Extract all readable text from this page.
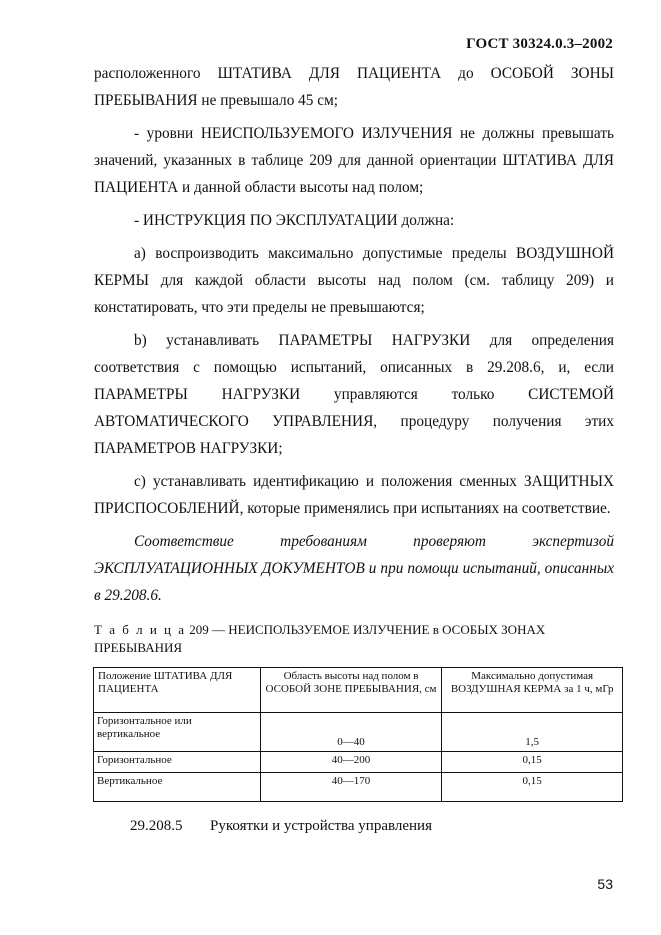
ГОСТ 30324.0.3–2002

расположенного ШТАТИВА ДЛЯ ПАЦИЕНТА до ОСОБОЙ ЗОНЫ ПРЕБЫВАНИЯ не превышало 45 см;

- уровни НЕИСПОЛЬЗУЕМОГО ИЗЛУЧЕНИЯ не должны превышать значений, указанных в таблице 209 для данной ориентации ШТАТИВА ДЛЯ ПАЦИЕНТА и данной области высоты над полом;

- ИНСТРУКЦИЯ ПО ЭКСПЛУАТАЦИИ должна:

а) воспроизводить максимально допустимые пределы ВОЗДУШНОЙ КЕРМЫ для каждой области высоты над полом (см. таблицу 209) и констатировать, что эти пределы не превышаются;

b) устанавливать ПАРАМЕТРЫ НАГРУЗКИ для определения соответствия с помощью испытаний, описанных в 29.208.6, и, если ПАРАМЕТРЫ НАГРУЗКИ управляются только СИСТЕМОЙ АВТОМАТИЧЕСКОГО УПРАВЛЕНИЯ, процедуру получения этих ПАРАМЕТРОВ НАГРУЗКИ;

с) устанавливать идентификацию и положения сменных ЗАЩИТНЫХ ПРИСПОСОБЛЕНИЙ, которые применялись при испытаниях на соответствие.

Соответствие требованиям проверяют экспертизой ЭКСПЛУАТАЦИОННЫХ ДОКУМЕНТОВ и при помощи испытаний, описанных в 29.208.6.

Т а б л и ц а 209 — НЕИСПОЛЬЗУЕМОЕ ИЗЛУЧЕНИЕ в ОСОБЫХ ЗОНАХ ПРЕБЫВАНИЯ
Положение ШТАТИВА ДЛЯ ПАЦИЕНТА	Область высоты над полом в ОСОБОЙ ЗОНЕ ПРЕБЫВАНИЯ, см	Максимально допустимая ВОЗДУШНАЯ КЕРМА за 1 ч, мГр
Горизонтальное или вертикальное	0—40	1,5
Горизонтальное	40—200	0,15
Вертикальное	40—170	0,15
29.208.5 Рукоятки и устройства управления
53
